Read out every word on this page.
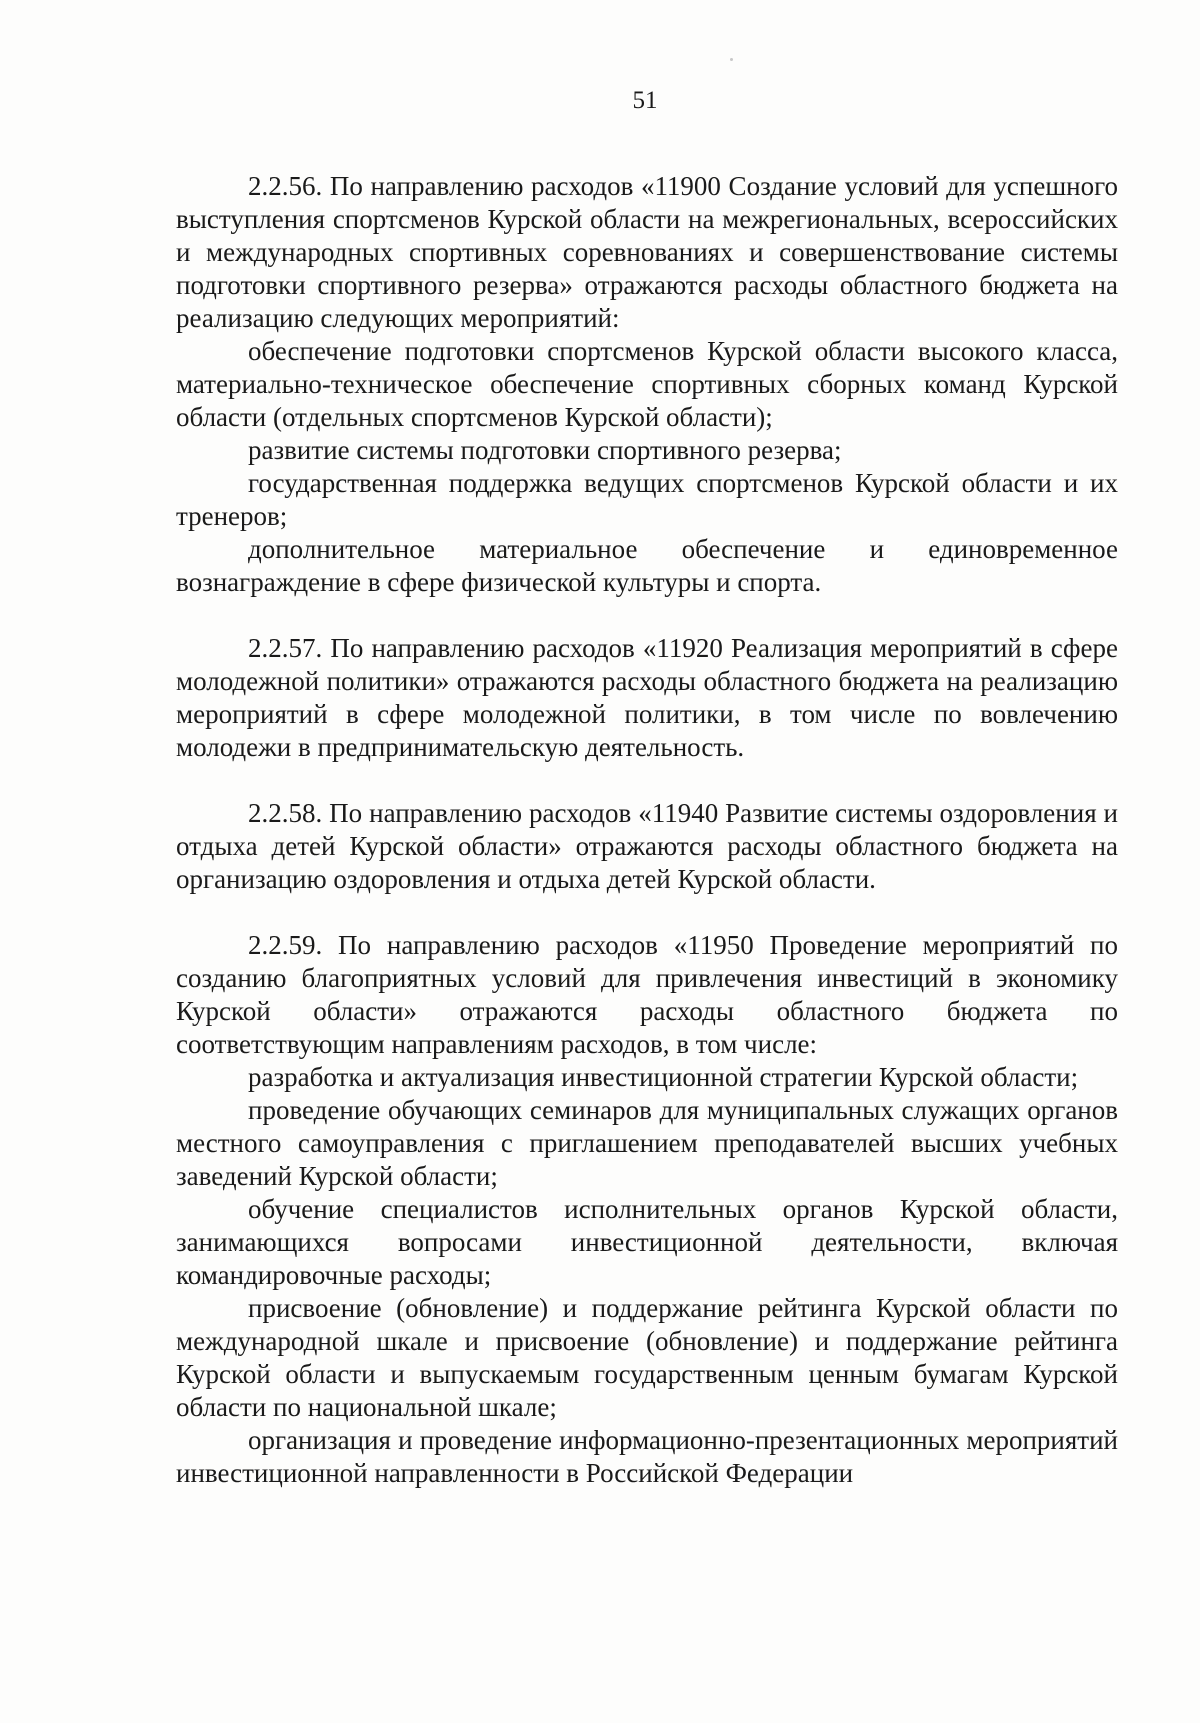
51

2.2.56. По направлению расходов «11900 Создание условий для успешного выступления спортсменов Курской области на межрегиональных, всероссийских и международных спортивных соревнованиях и совершенствование системы подготовки спортивного резерва» отражаются расходы областного бюджета на реализацию следующих мероприятий:

обеспечение подготовки спортсменов Курской области высокого класса, материально-техническое обеспечение спортивных сборных команд Курской области (отдельных спортсменов Курской области);

развитие системы подготовки спортивного резерва;

государственная поддержка ведущих спортсменов Курской области и их тренеров;

дополнительное материальное обеспечение и единовременное вознаграждение в сфере физической культуры и спорта.

2.2.57. По направлению расходов «11920 Реализация мероприятий в сфере молодежной политики» отражаются расходы областного бюджета на реализацию мероприятий в сфере молодежной политики, в том числе по вовлечению молодежи в предпринимательскую деятельность.

2.2.58. По направлению расходов «11940 Развитие системы оздоровления и отдыха детей Курской области» отражаются расходы областного бюджета на организацию оздоровления и отдыха детей Курской области.

2.2.59. По направлению расходов «11950 Проведение мероприятий по созданию благоприятных условий для привлечения инвестиций в экономику Курской области» отражаются расходы областного бюджета по соответствующим направлениям расходов, в том числе:

разработка и актуализация инвестиционной стратегии Курской области;

проведение обучающих семинаров для муниципальных служащих органов местного самоуправления с приглашением преподавателей высших учебных заведений Курской области;

обучение специалистов исполнительных органов Курской области, занимающихся вопросами инвестиционной деятельности, включая командировочные расходы;

присвоение (обновление) и поддержание рейтинга Курской области по международной шкале и присвоение (обновление) и поддержание рейтинга Курской области и выпускаемым государственным ценным бумагам Курской области по национальной шкале;

организация и проведение информационно-презентационных мероприятий инвестиционной направленности в Российской Федерации
